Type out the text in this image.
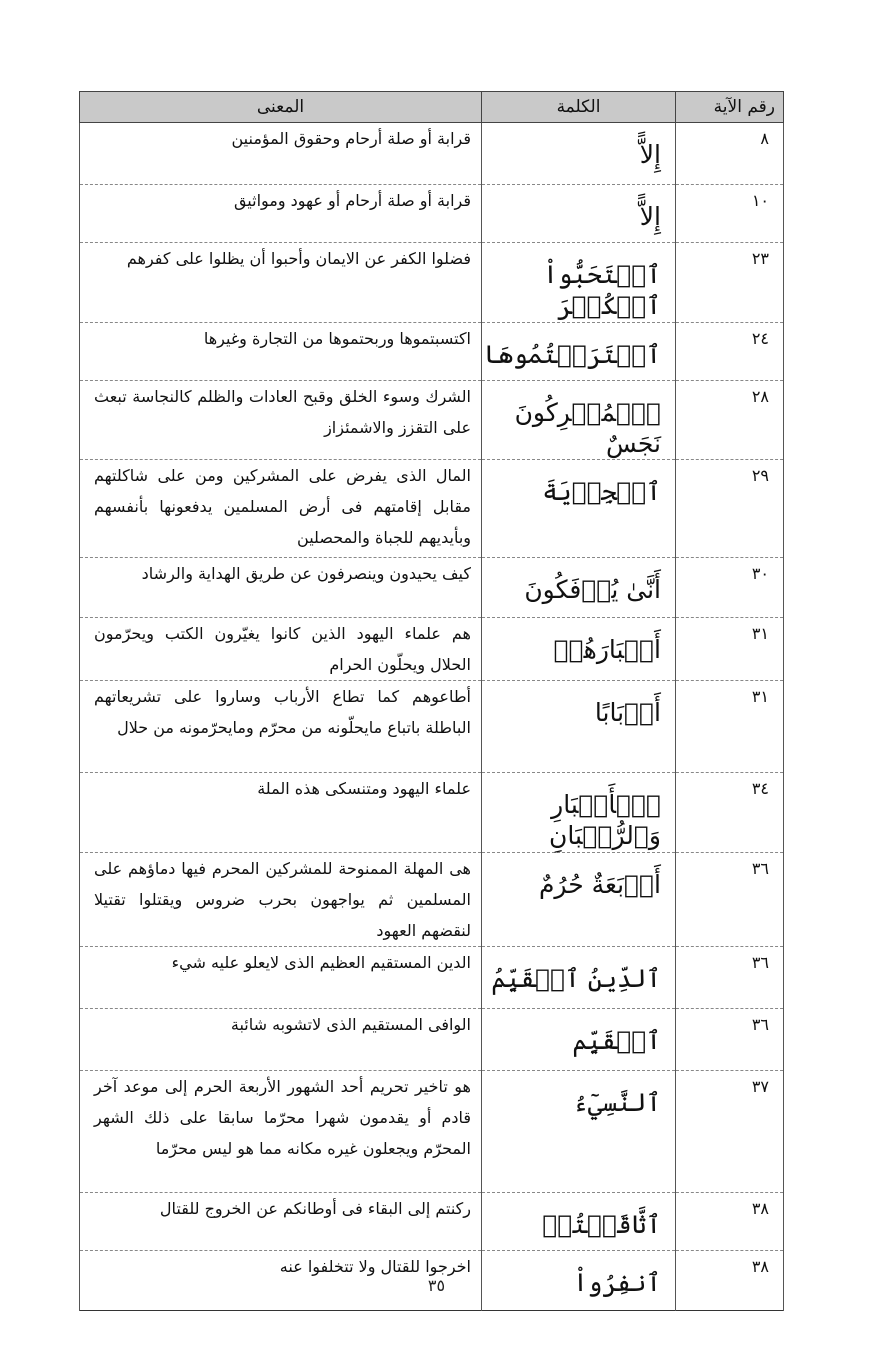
رقم الآية	الكلمة	المعنى
٨	إِلاًّ	قرابة أو صلة أرحام وحقوق المؤمنين
١٠	إِلاًّ	قرابة أو صلة أرحام أو عهود ومواثيق
٢٣	ٱسۡتَحَبُّواْ ٱلۡكُفۡرَ	فضلوا الكفر عن الايمان وأحبوا أن يظلوا على كفرهم
٢٤	ٱقۡتَرَفۡتُمُوهَا	اكتسبتموها وربحتموها من التجارة وغيرها
٢٨	ٱلۡمُشۡرِكُونَ نَجَسٌ	الشرك وسوء الخلق وقبح العادات والظلم كالنجاسة تبعث على التقزز والاشمئزاز
٢٩	ٱلۡجِزۡيَةَ	المال الذى يفرض على المشركين ومن على شاكلتهم مقابل إقامتهم فى أرض المسلمين يدفعونها بأنفسهم وبأيديهم للجباة والمحصلين
٣٠	أَنَّىٰ يُؤۡفَكُونَ	كيف يحيدون وينصرفون عن طريق الهداية والرشاد
٣١	أَحۡبَارَهُمۡ	هم علماء اليهود الذين كانوا يغيّرون الكتب ويحرّمون الحلال ويحلّون الحرام
٣١	أَرۡبَابًا	أطاعوهم كما تطاع الأرباب وساروا على تشريعاتهم الباطلة باتباع مايحلّونه من محرّم ومايحرّمونه من حلال
٣٤	ٱلۡأَحۡبَارِ وَٱلرُّهۡبَانِ	علماء اليهود ومتنسكى هذه الملة
٣٦	أَرۡبَعَةٌ حُرُمٌ	هى المهلة الممنوحة للمشركين المحرم فيها دماؤهم على المسلمين ثم يواجهون بحرب ضروس ويقتلوا تقتيلا لنقضهم العهود
٣٦	ٱلدِّينُ ٱلۡقَيِّمُ	الدين المستقيم العظيم الذى لايعلو عليه شيء
٣٦	ٱلۡقَيِّم	الوافى المستقيم الذى لاتشوبه شائبة
٣٧	ٱلنَّسِيٓءُ	هو تاخير تحريم أحد الشهور الأربعة الحرم إلى موعد آخر قادم أو يقدمون شهرا محرّما سابقا على ذلك الشهر المحرّم ويجعلون غيره مكانه مما هو ليس محرّما
٣٨	ٱثَّاقَلۡتُمۡ	ركنتم إلى البقاء فى أوطانكم عن الخروج للقتال
٣٨	ٱنفِرُواْ	اخرجوا للقتال ولا تتخلفوا عنه
٣٥
